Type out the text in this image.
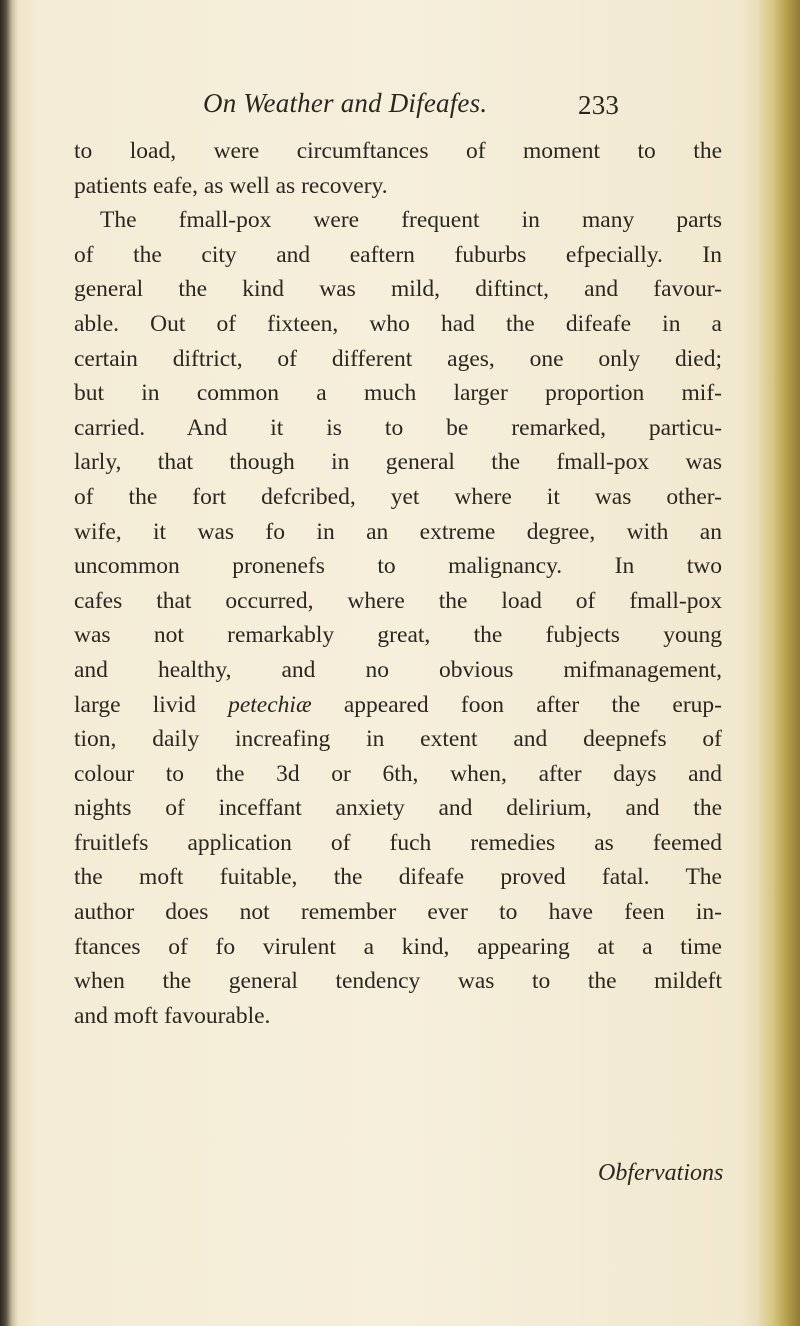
On Weather and Difeafes.	233
to load, were circumftances of moment to the
patients eafe, as well as recovery.
The fmall-pox were frequent in many parts
of the city and eaftern fuburbs efpecially. In
general the kind was mild, diftinct, and favour-
able. Out of fixteen, who had the difeafe in a
certain diftrict, of different ages, one only died;
but in common a much larger proportion mif-
carried. And it is to be remarked, particu-
larly, that though in general the fmall-pox was
of the fort defcribed, yet where it was other-
wife, it was fo in an extreme degree, with an
uncommon pronenefs to malignancy. In two
cafes that occurred, where the load of fmall-pox
was not remarkably great, the fubjects young
and healthy, and no obvious mifmanagement,
large livid petechiæ appeared foon after the erup-
tion, daily increafing in extent and deepnefs of
colour to the 3d or 6th, when, after days and
nights of inceffant anxiety and delirium, and the
fruitlefs application of fuch remedies as feemed
the moft fuitable, the difeafe proved fatal. The
author does not remember ever to have feen in-
ftances of fo virulent a kind, appearing at a time
when the general tendency was to the mildeft
and moft favourable.
Obfervations
